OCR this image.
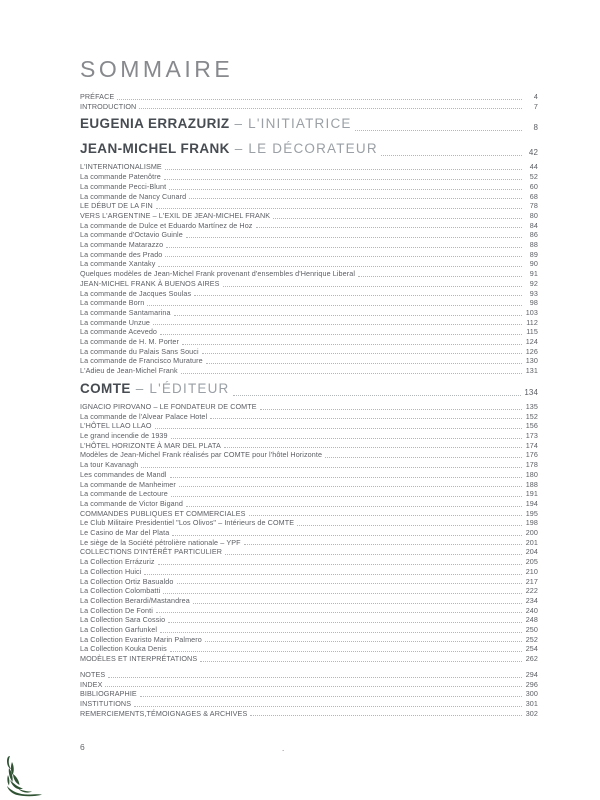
SOMMAIRE
PRÉFACE	4
INTRODUCTION	7
EUGENIA ERRAZURIZ – L'INITIATRICE	8
JEAN-MICHEL FRANK – LE DÉCORATEUR	42
L'INTERNATIONALISME	44
La commande Patenôtre	52
La commande Pecci-Blunt	60
La commande de Nancy Cunard	68
LE DÉBUT DE LA FIN	78
VERS L'ARGENTINE – L'EXIL DE JEAN-MICHEL FRANK	80
La commande de Dulce et Eduardo Martínez de Hoz	84
La commande d'Octavio Guinle	86
La commande Matarazzo	88
La commande des Prado	89
La commande Xantaky	90
Quelques modèles de Jean-Michel Frank provenant d'ensembles d'Henrique Liberal	91
JEAN-MICHEL FRANK À BUENOS AIRES	92
La commande de Jacques Soulas	93
La commande Born	98
La commande Santamarina	103
La commande Unzue	112
La commande Acevedo	115
La commande de H. M. Porter	124
La commande du Palais Sans Souci	126
La commande de Francisco Murature	130
L'Adieu de Jean-Michel Frank	131
COMTE – L'ÉDITEUR	134
IGNACIO PIROVANO – LE FONDATEUR DE COMTE	135
La commande de l'Alvear Palace Hotel	152
L'HÔTEL LLAO LLAO	156
Le grand incendie de 1939	173
L'HÔTEL HORIZONTE À MAR DEL PLATA	174
Modèles de Jean-Michel Frank réalisés par COMTE pour l'hôtel Horizonte	176
La tour Kavanagh	178
Les commandes de Mandl	180
La commande de Manheimer	188
La commande de Lectoure	191
La commande de Victor Bigand	194
COMMANDES PUBLIQUES ET COMMERCIALES	195
Le Club Militaire Presidentiel "Los Olivos" – Intérieurs de COMTE	198
Le Casino de Mar del Plata	200
Le siège de la Société pétrolière nationale – YPF	201
COLLECTIONS D'INTÉRÊT PARTICULIER	204
La Collection Errázuriz	205
La Collection Huici	210
La Collection Ortiz Basualdo	217
La Collection Colombatti	222
La Collection Berardi/Mastandrea	234
La Collection De Fonti	240
La Collection Sara Cossio	248
La Collection Garfunkel	250
La Collection Evaristo Marin Palmero	252
La Collection Kouka Denis	254
MODÈLES ET INTERPRÉTATIONS	262
NOTES	294
INDEX	296
BIBLIOGRAPHIE	300
INSTITUTIONS	301
REMERCIEMENTS,TÉMOIGNAGES & ARCHIVES	302
6	.
